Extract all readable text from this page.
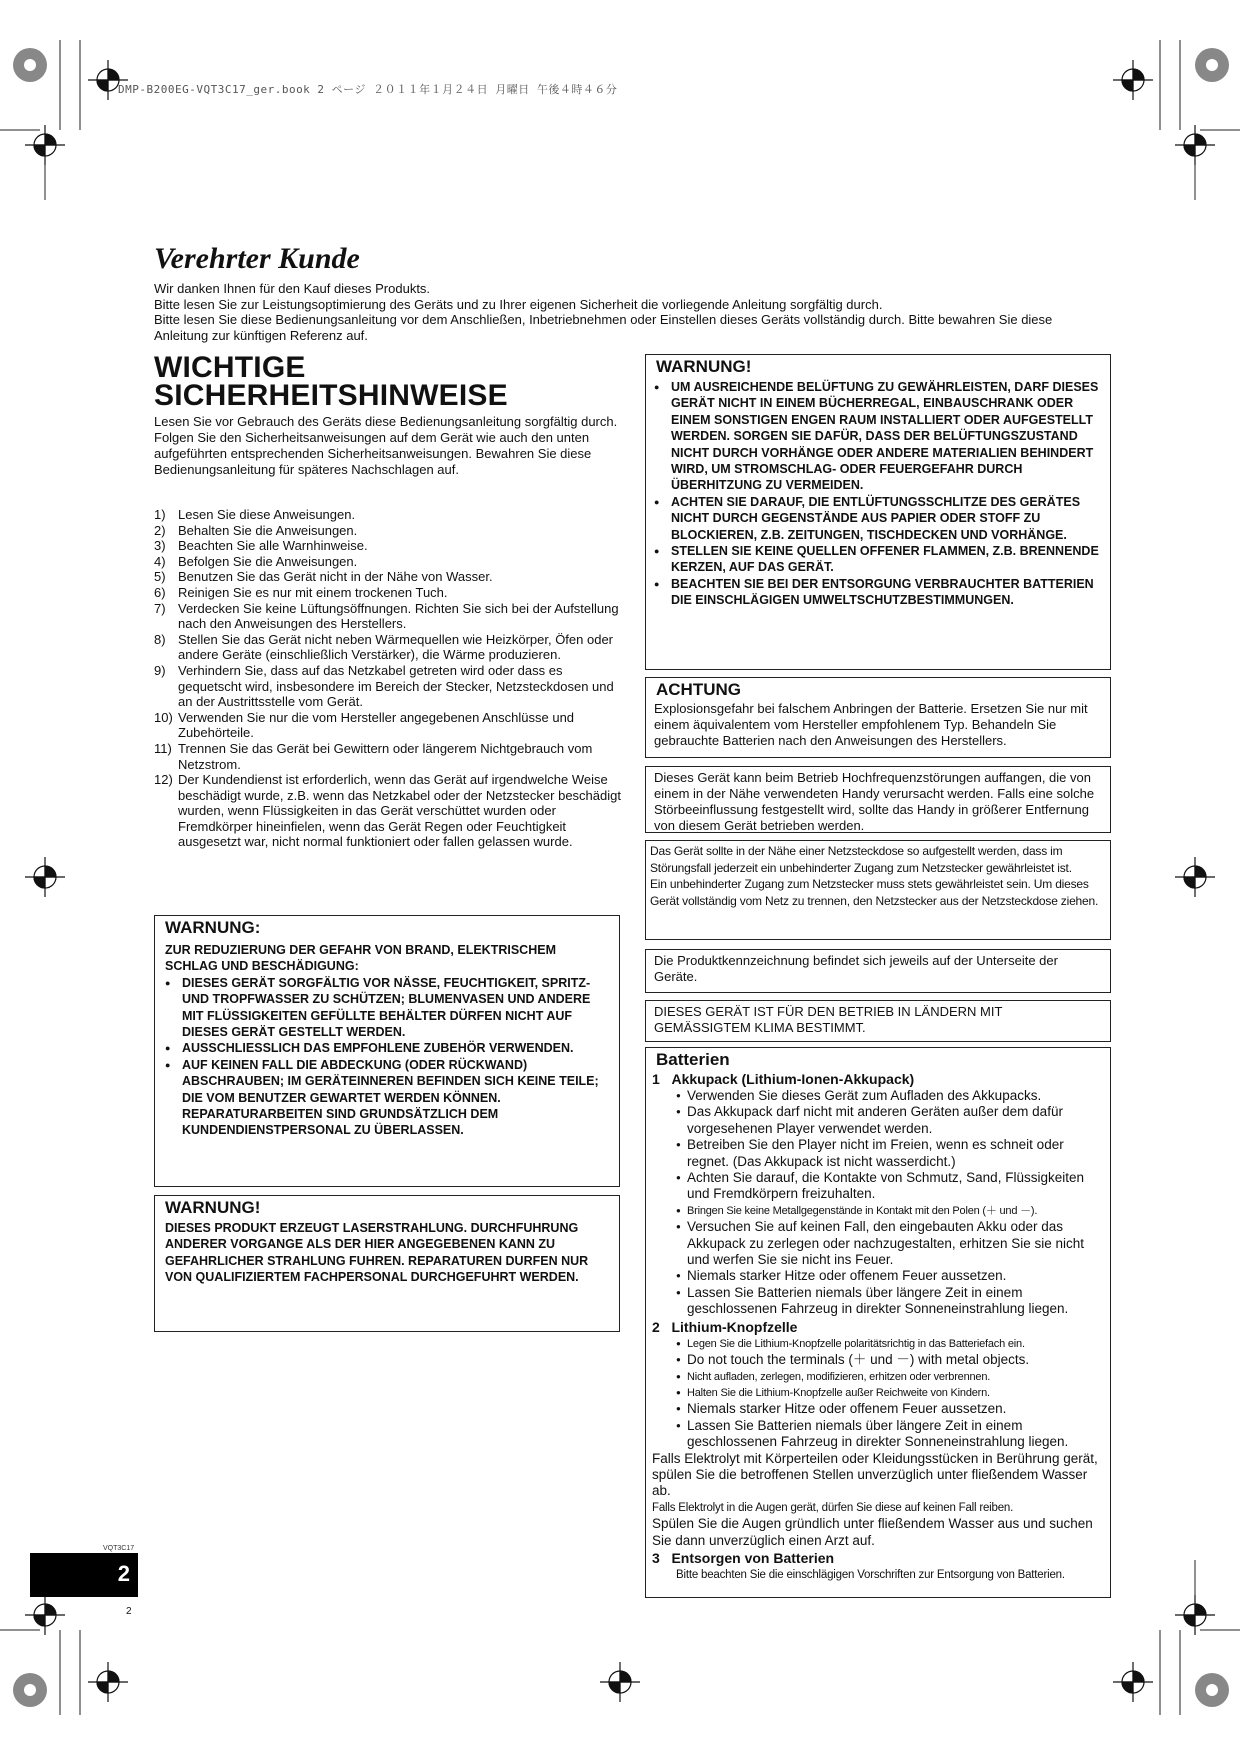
DMP-B200EG-VQT3C17_ger.book 2 ページ ２０１１年１月２４日 月曜日 午後４時４６分
Verehrter Kunde

Wir danken Ihnen für den Kauf dieses Produkts.

Bitte lesen Sie zur Leistungsoptimierung des Geräts und zu Ihrer eigenen Sicherheit die vorliegende Anleitung sorgfältig durch.

Bitte lesen Sie diese Bedienungsanleitung vor dem Anschließen, Inbetriebnehmen oder Einstellen dieses Geräts vollständig durch. Bitte bewahren Sie diese Anleitung zur künftigen Referenz auf.

WICHTIGE
SICHERHEITSHINWEISE
Lesen Sie vor Gebrauch des Geräts diese Bedienungsanleitung sorgfältig durch. Folgen Sie den Sicherheitsanweisungen auf dem Gerät wie auch den unten aufgeführten entsprechenden Sicherheitsanweisungen. Bewahren Sie diese Bedienungsanleitung für späteres Nachschlagen auf.
1) Lesen Sie diese Anweisungen.
2) Behalten Sie die Anweisungen.
3) Beachten Sie alle Warnhinweise.
4) Befolgen Sie die Anweisungen.
5) Benutzen Sie das Gerät nicht in der Nähe von Wasser.
6) Reinigen Sie es nur mit einem trockenen Tuch.
7) Verdecken Sie keine Lüftungsöffnungen. Richten Sie sich bei der Aufstellung nach den Anweisungen des Herstellers.
8) Stellen Sie das Gerät nicht neben Wärmequellen wie Heizkörper, Öfen oder andere Geräte (einschließlich Verstärker), die Wärme produzieren.
9) Verhindern Sie, dass auf das Netzkabel getreten wird oder dass es gequetscht wird, insbesondere im Bereich der Stecker, Netzsteckdosen und an der Austrittsstelle vom Gerät.
10) Verwenden Sie nur die vom Hersteller angegebenen Anschlüsse und Zubehörteile.
11) Trennen Sie das Gerät bei Gewittern oder längerem Nichtgebrauch vom Netzstrom.
12) Der Kundendienst ist erforderlich, wenn das Gerät auf irgendwelche Weise beschädigt wurde, z.B. wenn das Netzkabel oder der Netzstecker beschädigt wurden, wenn Flüssigkeiten in das Gerät verschüttet wurden oder Fremdkörper hineinfielen, wenn das Gerät Regen oder Feuchtigkeit ausgesetzt war, nicht normal funktioniert oder fallen gelassen wurde.
WARNUNG:
ZUR REDUZIERUNG DER GEFAHR VON BRAND, ELEKTRISCHEM SCHLAG UND BESCHÄDIGUNG:
● DIESES GERÄT SORGFÄLTIG VOR NÄSSE, FEUCHTIGKEIT, SPRITZ- UND TROPFWASSER ZU SCHÜTZEN; BLUMENVASEN UND ANDERE MIT FLÜSSIGKEITEN GEFÜLLTE BEHÄLTER DÜRFEN NICHT AUF DIESES GERÄT GESTELLT WERDEN.
● AUSSCHLIESSLICH DAS EMPFOHLENE ZUBEHÖR VERWENDEN.
● AUF KEINEN FALL DIE ABDECKUNG (ODER RÜCKWAND) ABSCHRAUBEN; IM GERÄTEINNEREN BEFINDEN SICH KEINE TEILE; DIE VOM BENUTZER GEWARTET WERDEN KÖNNEN. REPARATURARBEITEN SIND GRUNDSÄTZLICH DEM KUNDENDIENSTPERSONAL ZU ÜBERLASSEN.
WARNUNG!
DIESES PRODUKT ERZEUGT LASERSTRAHLUNG. DURCHFUHRUNG ANDERER VORGANGE ALS DER HIER ANGEGEBENEN KANN ZU GEFAHRLICHER STRAHLUNG FUHREN. REPARATUREN DURFEN NUR VON QUALIFIZIERTEM FACHPERSONAL DURCHGEFUHRT WERDEN.
WARNUNG!
● UM AUSREICHENDE BELÜFTUNG ZU GEWÄHRLEISTEN, DARF DIESES GERÄT NICHT IN EINEM BÜCHERREGAL, EINBAUSCHRANK ODER EINEM SONSTIGEN ENGEN RAUM INSTALLIERT ODER AUFGESTELLT WERDEN. SORGEN SIE DAFÜR, DASS DER BELÜFTUNGSZUSTAND NICHT DURCH VORHÄNGE ODER ANDERE MATERIALIEN BEHINDERT WIRD, UM STROMSCHLAG- ODER FEUERGEFAHR DURCH ÜBERHITZUNG ZU VERMEIDEN.
● ACHTEN SIE DARAUF, DIE ENTLÜFTUNGSSCHLITZE DES GERÄTES NICHT DURCH GEGENSTÄNDE AUS PAPIER ODER STOFF ZU BLOCKIEREN, Z.B. ZEITUNGEN, TISCHDECKEN UND VORHÄNGE.
● STELLEN SIE KEINE QUELLEN OFFENER FLAMMEN, Z.B. BRENNENDE KERZEN, AUF DAS GERÄT.
● BEACHTEN SIE BEI DER ENTSORGUNG VERBRAUCHTER BATTERIEN DIE EINSCHLÄGIGEN UMWELTSCHUTZBESTIMMUNGEN.
ACHTUNG
Explosionsgefahr bei falschem Anbringen der Batterie. Ersetzen Sie nur mit einem äquivalentem vom Hersteller empfohlenem Typ. Behandeln Sie gebrauchte Batterien nach den Anweisungen des Herstellers.
Dieses Gerät kann beim Betrieb Hochfrequenzstörungen auffangen, die von einem in der Nähe verwendeten Handy verursacht werden. Falls eine solche Störbeeinflussung festgestellt wird, sollte das Handy in größerer Entfernung von diesem Gerät betrieben werden.

Das Gerät sollte in der Nähe einer Netzsteckdose so aufgestellt werden, dass im Störungsfall jederzeit ein unbehinderter Zugang zum Netzstecker gewährleistet ist.

Ein unbehinderter Zugang zum Netzstecker muss stets gewährleistet sein. Um dieses Gerät vollständig vom Netz zu trennen, den Netzstecker aus der Netzsteckdose ziehen.

Die Produktkennzeichnung befindet sich jeweils auf der Unterseite der Geräte.
DIESES GERÄT IST FÜR DEN BETRIEB IN LÄNDERN MIT GEMÄSSIGTEM KLIMA BESTIMMT.
Batterien
1 Akkupack (Lithium-Ionen-Akkupack)
● Verwenden Sie dieses Gerät zum Aufladen des Akkupacks.
● Das Akkupack darf nicht mit anderen Geräten außer dem dafür vorgesehenen Player verwendet werden.
● Betreiben Sie den Player nicht im Freien, wenn es schneit oder regnet. (Das Akkupack ist nicht wasserdicht.)
● Achten Sie darauf, die Kontakte von Schmutz, Sand, Flüssigkeiten und Fremdkörpern freizuhalten.
● Bringen Sie keine Metallgegenstände in Kontakt mit den Polen (＋ und －).
● Versuchen Sie auf keinen Fall, den eingebauten Akku oder das Akkupack zu zerlegen oder nachzugestalten, erhitzen Sie sie nicht und werfen Sie sie nicht ins Feuer.
● Niemals starker Hitze oder offenem Feuer aussetzen.
● Lassen Sie Batterien niemals über längere Zeit in einem geschlossenen Fahrzeug in direkter Sonneneinstrahlung liegen.
2 Lithium-Knopfzelle
● Legen Sie die Lithium-Knopfzelle polaritätsrichtig in das Batteriefach ein.
● Do not touch the terminals (＋ und －) with metal objects.
● Nicht aufladen, zerlegen, modifizieren, erhitzen oder verbrennen.
● Halten Sie die Lithium-Knopfzelle außer Reichweite von Kindern.
● Niemals starker Hitze oder offenem Feuer aussetzen.
● Lassen Sie Batterien niemals über längere Zeit in einem geschlossenen Fahrzeug in direkter Sonneneinstrahlung liegen.
Falls Elektrolyt mit Körperteilen oder Kleidungsstücken in Berührung gerät, spülen Sie die betroffenen Stellen unverzüglich unter fließendem Wasser ab.
Falls Elektrolyt in die Augen gerät, dürfen Sie diese auf keinen Fall reiben.
Spülen Sie die Augen gründlich unter fließendem Wasser aus und suchen Sie dann unverzüglich einen Arzt auf.
3 Entsorgen von Batterien
Bitte beachten Sie die einschlägigen Vorschriften zur Entsorgung von Batterien.
VQT3C17
2
2
